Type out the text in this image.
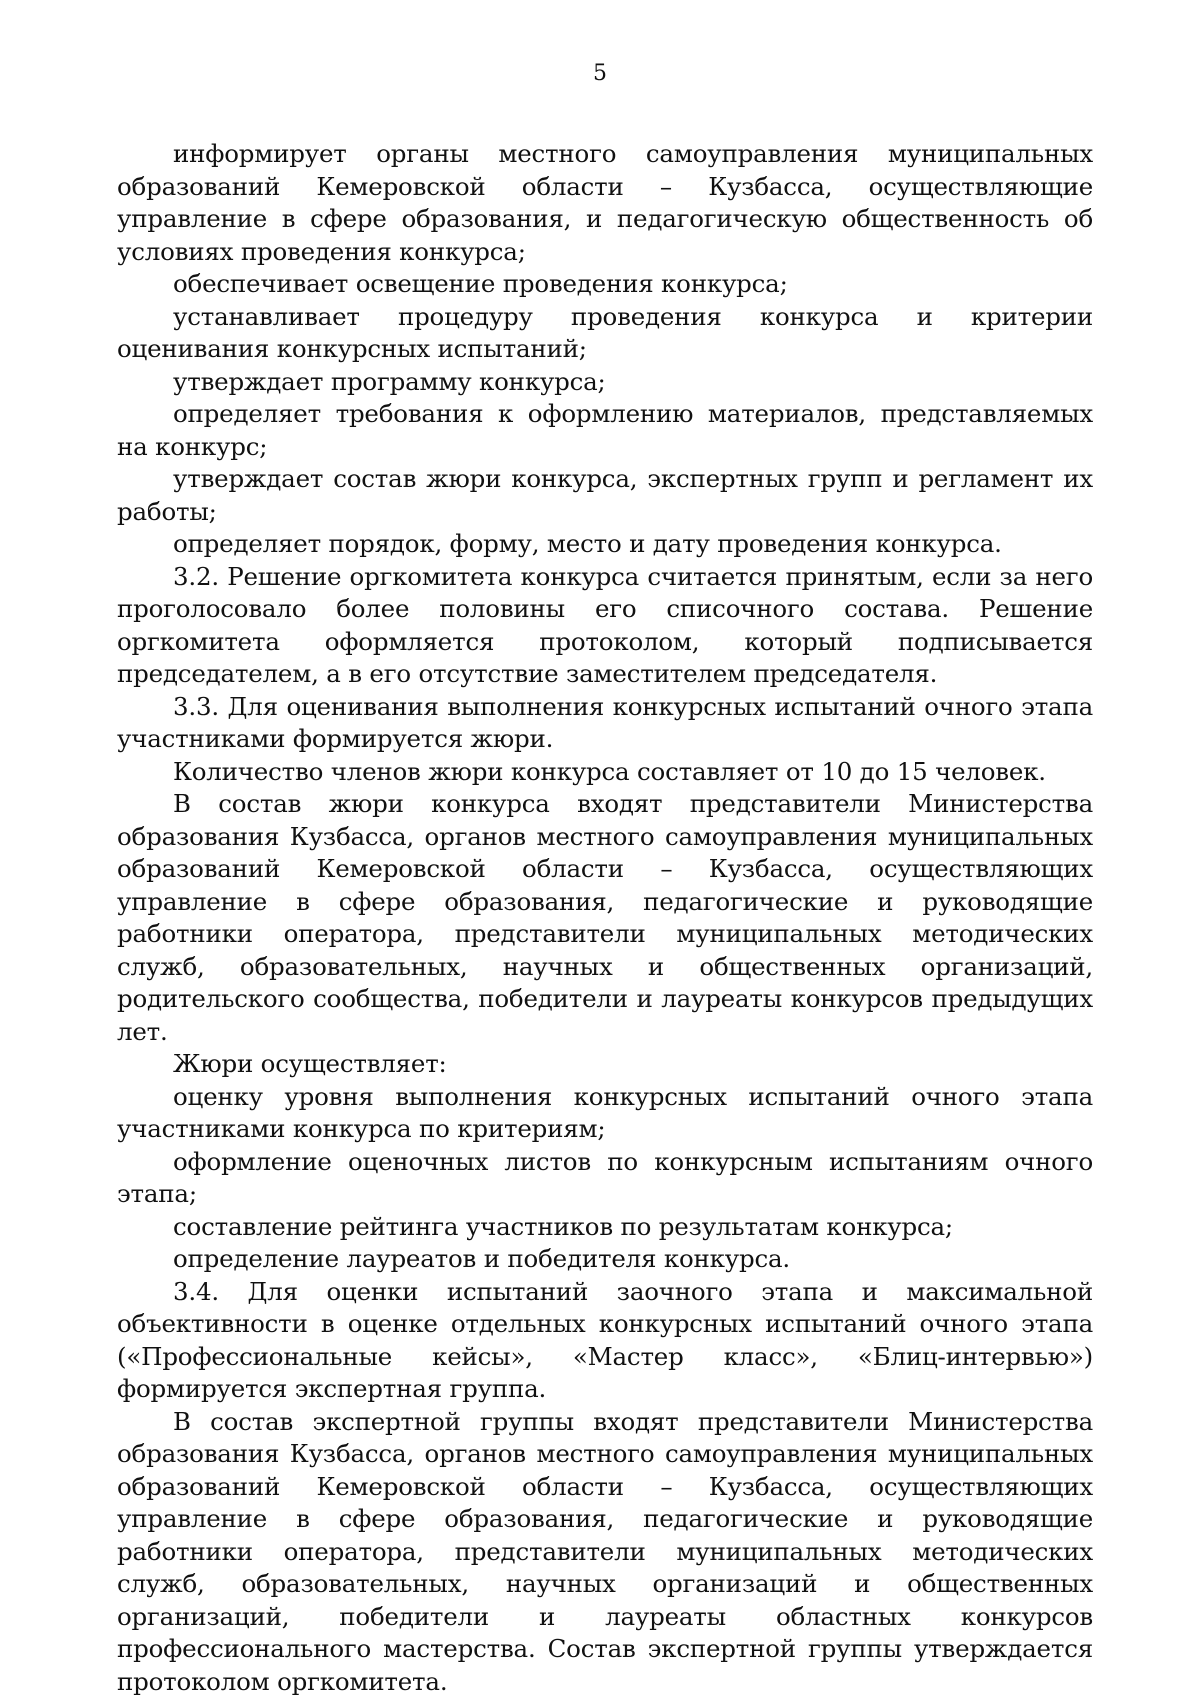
5

информирует органы местного самоуправления муниципальных образований Кемеровской области – Кузбасса, осуществляющие управление в сфере образования, и педагогическую общественность об условиях проведения конкурса;

обеспечивает освещение проведения конкурса;

устанавливает процедуру проведения конкурса и критерии оценивания конкурсных испытаний;

утверждает программу конкурса;

определяет требования к оформлению материалов, представляемых на конкурс;

утверждает состав жюри конкурса, экспертных групп и регламент их работы;

определяет порядок, форму, место и дату проведения конкурса.

3.2. Решение оргкомитета конкурса считается принятым, если за него проголосовало более половины его списочного состава. Решение оргкомитета оформляется протоколом, который подписывается председателем, а в его отсутствие заместителем председателя.

3.3. Для оценивания выполнения конкурсных испытаний очного этапа участниками формируется жюри.

Количество членов жюри конкурса составляет от 10 до 15 человек.

В состав жюри конкурса входят представители Министерства образования Кузбасса, органов местного самоуправления муниципальных образований Кемеровской области – Кузбасса, осуществляющих управление в сфере образования, педагогические и руководящие работники оператора, представители муниципальных методических служб, образовательных, научных и общественных организаций, родительского сообщества, победители и лауреаты конкурсов предыдущих лет.

Жюри осуществляет:

оценку уровня выполнения конкурсных испытаний очного этапа участниками конкурса по критериям;

оформление оценочных листов по конкурсным испытаниям очного этапа;

составление рейтинга участников по результатам конкурса;

определение лауреатов и победителя конкурса.

3.4. Для оценки испытаний заочного этапа и максимальной объективности в оценке отдельных конкурсных испытаний очного этапа («Профессиональные кейсы», «Мастер класс», «Блиц-интервью») формируется экспертная группа.

В состав экспертной группы входят представители Министерства образования Кузбасса, органов местного самоуправления муниципальных образований Кемеровской области – Кузбасса, осуществляющих управление в сфере образования, педагогические и руководящие работники оператора, представители муниципальных методических служб, образовательных, научных организаций и общественных организаций, победители и лауреаты областных конкурсов профессионального мастерства. Состав экспертной группы утверждается протоколом оргкомитета.
